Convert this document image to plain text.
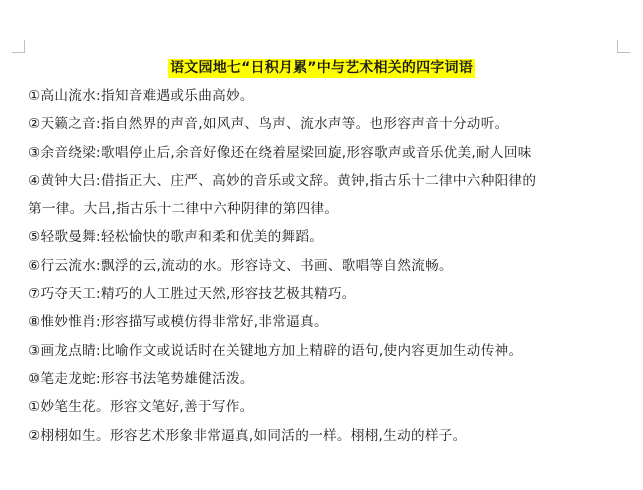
语文园地七“日积月累”中与艺术相关的四字词语
①高山流水:指知音难遇或乐曲高妙。
②天籁之音:指自然界的声音,如风声、鸟声、流水声等。也形容声音十分动听。
③余音绕梁:歌唱停止后,余音好像还在绕着屋梁回旋,形容歌声或音乐优美,耐人回味
④黄钟大吕:借指正大、庄严、高妙的音乐或文辞。黄钟,指古乐十二律中六种阳律的
第一律。大吕,指古乐十二律中六种阴律的第四律。
⑤轻歌曼舞:轻松愉快的歌声和柔和优美的舞蹈。
⑥行云流水:飘浮的云,流动的水。形容诗文、书画、歌唱等自然流畅。
⑦巧夺天工:精巧的人工胜过天然,形容技艺极其精巧。
⑧惟妙惟肖:形容描写或模仿得非常好,非常逼真。
③画龙点睛:比喻作文或说话时在关键地方加上精辟的语句,使内容更加生动传神。
⑩笔走龙蛇:形容书法笔势雄健活泼。
①妙笔生花。形容文笔好,善于写作。
②栩栩如生。形容艺术形象非常逼真,如同活的一样。栩栩,生动的样子。
